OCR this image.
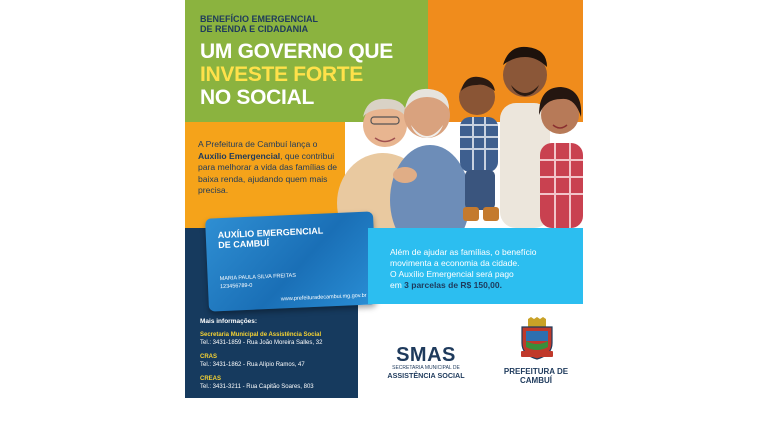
BENEFÍCIO EMERGENCIAL
DE RENDA E CIDADANIA
UM GOVERNO QUE
INVESTE FORTE
NO SOCIAL
A Prefeitura de Cambuí lança o Auxílio Emergencial, que contribui para melhorar a vida das famílias de baixa renda, ajudando quem mais precisa.
AUXÍLIO EMERGENCIAL
DE CAMBUÍ
MARIA PAULA SILVA FREITAS
123456789-0
www.prefeituradecambui.mg.gov.br
Além de ajudar as famílias, o benefício
movimenta a economia da cidade.
O Auxílio Emergencial será pago
em 3 parcelas de R$ 150,00.
Mais informações:
Secretaria Municipal de Assistência Social
Tel.: 3431-1859 - Rua João Moreira Salles, 32
CRAS
Tel.: 3431-1862 - Rua Alípio Ramos, 47
CREAS
Tel.: 3431-3211 - Rua Capitão Soares, 803
SMAS
SECRETARIA MUNICIPAL DE
ASSISTÊNCIA SOCIAL	PREFEITURA DE
CAMBUÍ
